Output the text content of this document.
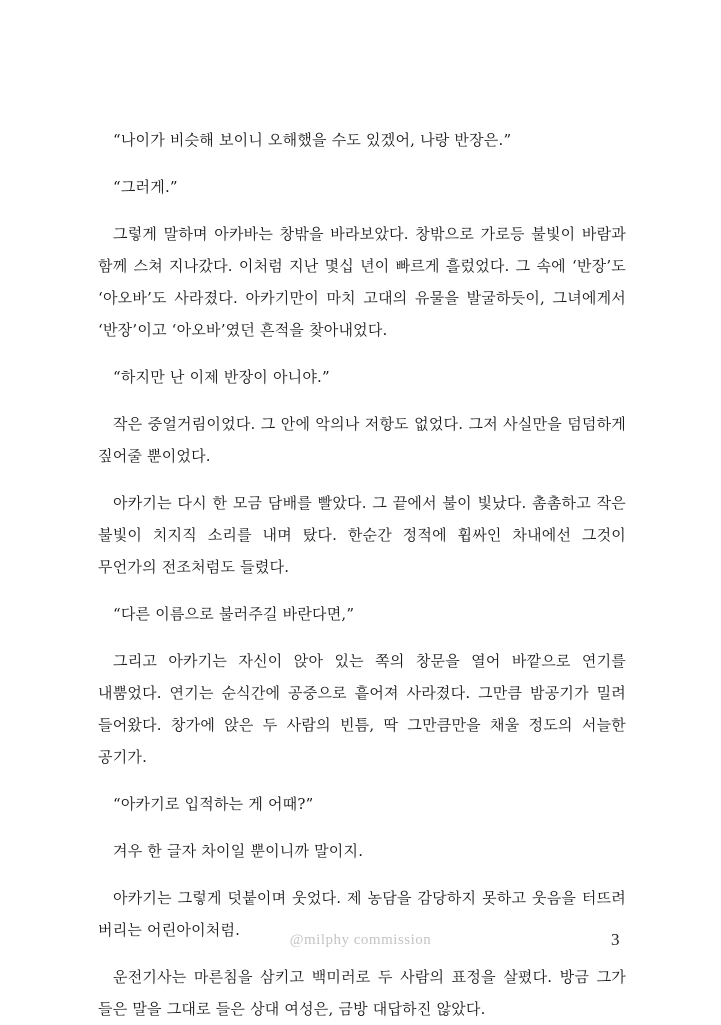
“나이가 비슷해 보이니 오해했을 수도 있겠어, 나랑 반장은.”

“그러게.”

그렇게 말하며 아카바는 창밖을 바라보았다. 창밖으로 가로등 불빛이 바람과 함께 스쳐 지나갔다. 이처럼 지난 몇십 년이 빠르게 흘렀었다. 그 속에 ‘반장’도 ‘아오바’도 사라졌다. 아카기만이 마치 고대의 유물을 발굴하듯이, 그녀에게서 ‘반장’이고 ‘아오바’였던 흔적을 찾아내었다.

“하지만 난 이제 반장이 아니야.”

작은 중얼거림이었다. 그 안에 악의나 저항도 없었다. 그저 사실만을 덤덤하게 짚어줄 뿐이었다.

아카기는 다시 한 모금 담배를 빨았다. 그 끝에서 불이 빛났다. 촘촘하고 작은 불빛이 치지직 소리를 내며 탔다. 한순간 정적에 휩싸인 차내에선 그것이 무언가의 전조처럼도 들렸다.

“다른 이름으로 불러주길 바란다면,”

그리고 아카기는 자신이 앉아 있는 쪽의 창문을 열어 바깥으로 연기를 내뿜었다. 연기는 순식간에 공중으로 흩어져 사라졌다. 그만큼 밤공기가 밀려 들어왔다. 창가에 앉은 두 사람의 빈틈, 딱 그만큼만을 채울 정도의 서늘한 공기가.

“아카기로 입적하는 게 어때?”

겨우 한 글자 차이일 뿐이니까 말이지.

아카기는 그렇게 덧붙이며 웃었다. 제 농담을 감당하지 못하고 웃음을 터뜨려 버리는 어린아이처럼.

운전기사는 마른침을 삼키고 백미러로 두 사람의 표정을 살폈다. 방금 그가 들은 말을 그대로 들은 상대 여성은, 금방 대답하진 않았다.

@milphy commission	3
